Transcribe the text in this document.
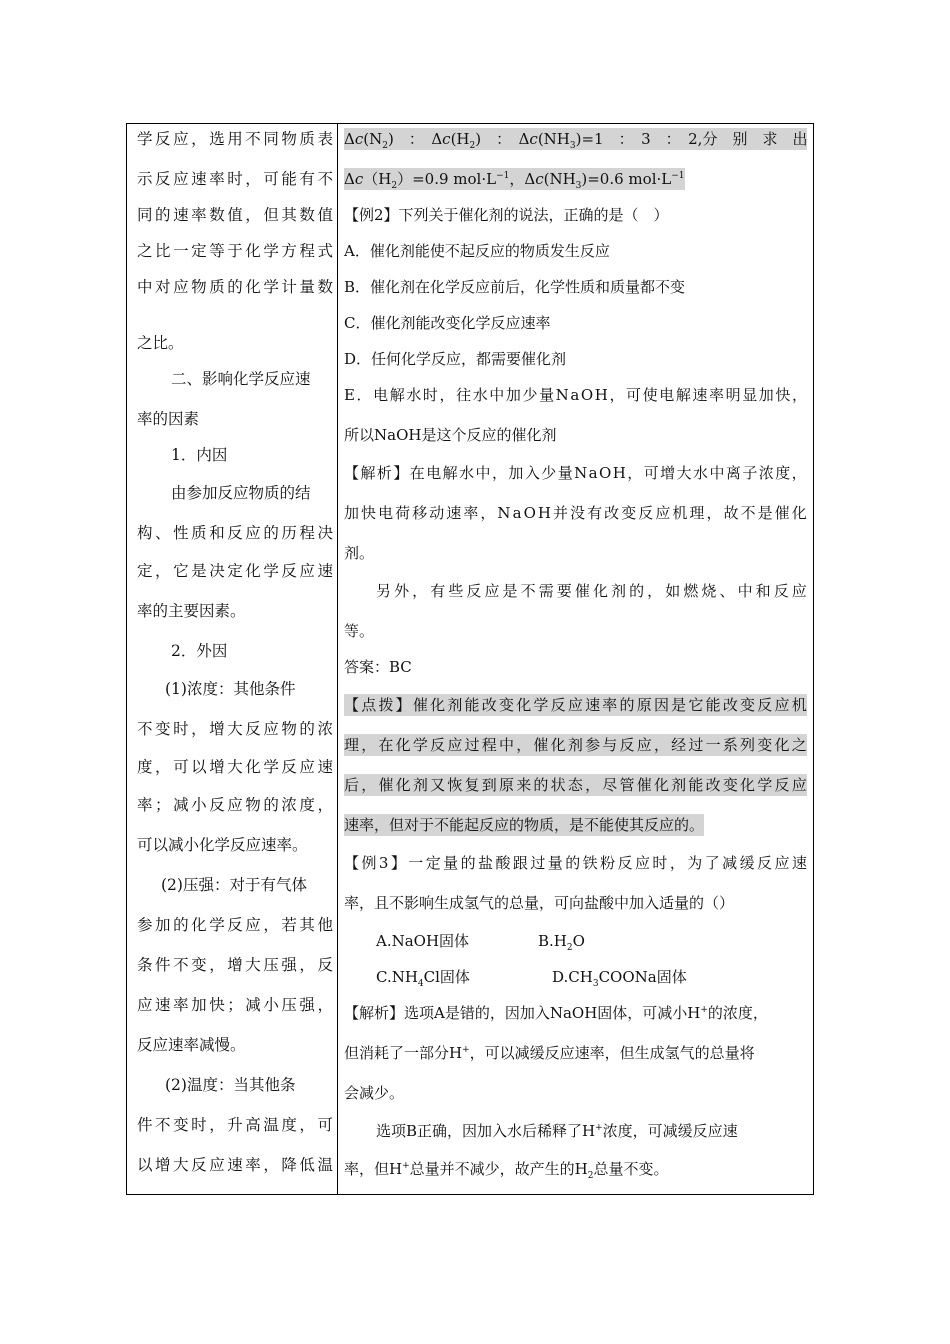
学 反 应 ， 选 用 不 同 物 质 表
示 反 应 速 率 时 ， 可 能 有 不
同 的 速 率 数 值 ， 但 其 数 值
之 比 一 定 等 于 化 学 方 程 式
中 对 应 物 质 的 化 学 计 量 数
之比。
二、影响化学反应速
率的因素
1．内因
由参加反应物质的结
构 、 性 质 和 反 应 的 历 程 决
定 ， 它 是 决 定 化 学 反 应 速
率的主要因素。
2．外因
(1)浓度：其他条件
不 变 时 ， 增 大 反 应 物 的 浓
度 ， 可 以 增 大 化 学 反 应 速
率 ； 减 小 反 应 物 的 浓 度 ，
可以减小化学反应速率。
(2)压强：对于有气体
参 加 的 化 学 反 应 ， 若 其 他
条 件 不 变 ， 增 大 压 强 ， 反
应 速 率 加 快 ； 减 小 压 强 ，
反应速率减慢。
(2)温度：当其他条
件 不 变 时 ， 升 高 温 度 ， 可
以 增 大 反 应 速 率 ， 降 低 温
$\Delta c(N_2)$　：　$\Delta c(H_2)$　：　$\Delta c(NH_3)=1$　：　3　：　2, 分　别　求　出
$\Delta c(H_2)=0.9$ $mol\cdot L^{-1}$，$\Delta c(NH_3)=0.6$ $mol\cdot L^{-1}$
【例2】下列关于催化剂的说法，正确的是（　）
A．催化剂能使不起反应的物质发生反应
B．催化剂在化学反应前后，化学性质和质量都不变
C．催化剂能改变化学反应速率
D．任何化学反应，都需要催化剂
E ． 电 解 水 时 ， 往 水 中 加 少 量 N a O H ， 可 使 电 解 速 率 明 显 加 快 ，
所以NaOH是这个反应的催化剂
【 解 析 】 在 电 解 水 中 ， 加 入 少 量 N a O H ， 可 增 大 水 中 离 子 浓 度 ，
加 快 电 荷 移 动 速 率 ， N a O H 并 没 有 改 变 反 应 机 理 ， 故 不 是 催 化
剂。
另 外 ， 有 些 反 应 是 不 需 要 催 化 剂 的 ， 如 燃 烧 、 中 和 反 应
等。
答案：BC
【 点 拨 】 催 化 剂 能 改 变 化 学 反 应 速 率 的 原 因 是 它 能 改 变 反 应 机
理 ， 在 化 学 反 应 过 程 中 ， 催 化 剂 参 与 反 应 ， 经 过 一 系 列 变 化 之
后 ， 催 化 剂 又 恢 复 到 原 来 的 状 态 ， 尽 管 催 化 剂 能 改 变 化 学 反 应
速率，但对于不能起反应的物质，是不能使其反应的。
【 例 3 】 一 定 量 的 盐 酸 跟 过 量 的 铁 粉 反 应 时 ， 为 了 减 缓 反 应 速
率，且不影响生成氢气的总量，可向盐酸中加入适量的（）
A.NaOH固体	$B.H_2O$
$C.NH_4Cl$固体	$D.CH_3COONa$固体
【解析】选项A是错的，因加入NaOH固体，可减小H+的浓度，
但消耗了一部分H+，可以减缓反应速率，但生成氢气的总量将
会减少。
选项B正确，因加入水后稀释了H+浓度，可减缓反应速
率，但H+总量并不减少，故产生的$H_2$总量不变。
